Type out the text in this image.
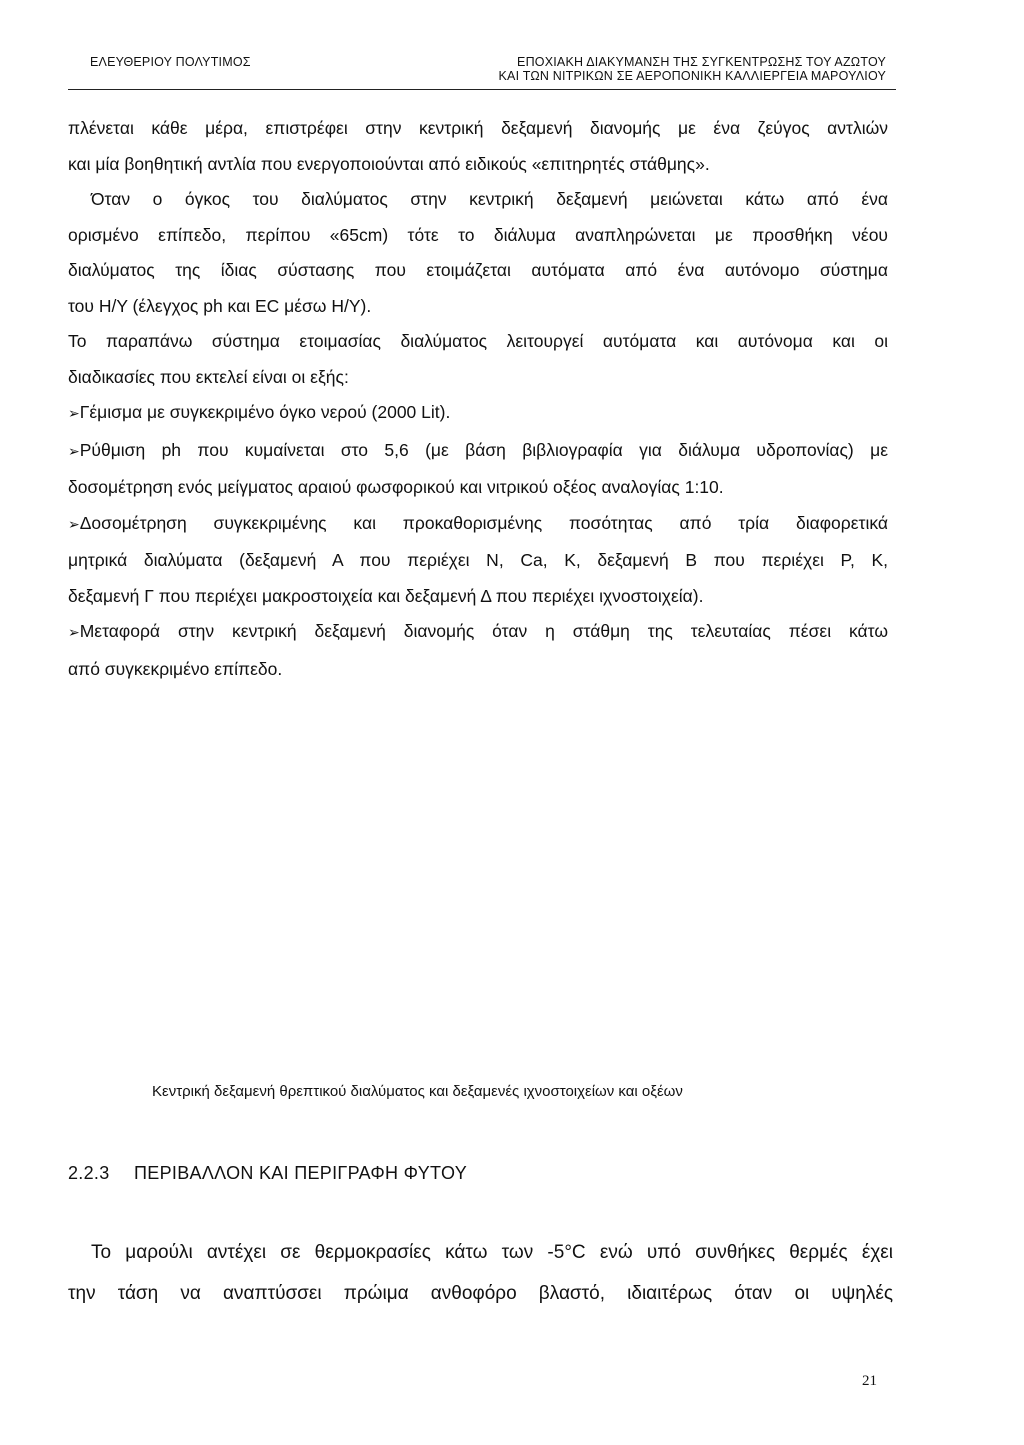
ΕΛΕΥΘΕΡΙΟΥ ΠΟΛΥΤΙΜΟΣ	ΕΠΟΧΙΑΚΗ ΔΙΑΚΥΜΑΝΣΗ ΤΗΣ ΣΥΓΚΕΝΤΡΩΣΗΣ ΤΟΥ ΑΖΩΤΟΥ
ΚΑΙ ΤΩΝ ΝΙΤΡΙΚΩΝ ΣΕ ΑΕΡΟΠΟΝΙΚΗ ΚΑΛΛΙΕΡΓΕΙΑ ΜΑΡΟΥΛΙΟΥ

πλένεται κάθε μέρα, επιστρέφει στην κεντρική δεξαμενή διανομής με ένα ζεύγος αντλιών

και μία βοηθητική αντλία που ενεργοποιούνται από ειδικούς «επιτηρητές στάθμης».

Όταν ο όγκος του διαλύματος στην κεντρική δεξαμενή μειώνεται κάτω από ένα

ορισμένο επίπεδο, περίπου «65cm) τότε το διάλυμα αναπληρώνεται με προσθήκη νέου

διαλύματος της ίδιας σύστασης που ετοιμάζεται αυτόματα από ένα αυτόνομο σύστημα

του Η/Υ (έλεγχος ph και EC μέσω Η/Υ).

Το παραπάνω σύστημα ετοιμασίας διαλύματος λειτουργεί αυτόματα και αυτόνομα και οι

διαδικασίες που εκτελεί είναι οι εξής:

➢Γέμισμα με συγκεκριμένο όγκο νερού (2000 Lit).

➢Ρύθμιση ph που κυμαίνεται στο 5,6 (με βάση βιβλιογραφία για διάλυμα υδροπονίας) με

δοσομέτρηση ενός μείγματος αραιού φωσφορικού και νιτρικού οξέος αναλογίας 1:10.

➢Δοσομέτρηση συγκεκριμένης και προκαθορισμένης ποσότητας από τρία διαφορετικά

μητρικά διαλύματα (δεξαμενή Α που περιέχει Ν, Ca, Κ, δεξαμενή Β που περιέχει Ρ, Κ,

δεξαμενή Γ που περιέχει μακροστοιχεία και δεξαμενή Δ που περιέχει ιχνοστοιχεία).

➢Μεταφορά στην κεντρική δεξαμενή διανομής όταν η στάθμη της τελευταίας πέσει κάτω

από συγκεκριμένο επίπεδο.

Κεντρική δεξαμενή θρεπτικού διαλύματος και δεξαμενές ιχνοστοιχείων και οξέων
2.2.3 ΠΕΡΙΒΑΛΛΟΝ ΚΑΙ ΠΕΡΙΓΡΑΦΗ ΦΥΤΟΥ

Το μαρούλι αντέχει σε θερμοκρασίες κάτω των -5°C ενώ υπό συνθήκες θερμές έχει

την τάση να αναπτύσσει πρώιμα ανθοφόρο βλαστό, ιδιαιτέρως όταν οι υψηλές

21
